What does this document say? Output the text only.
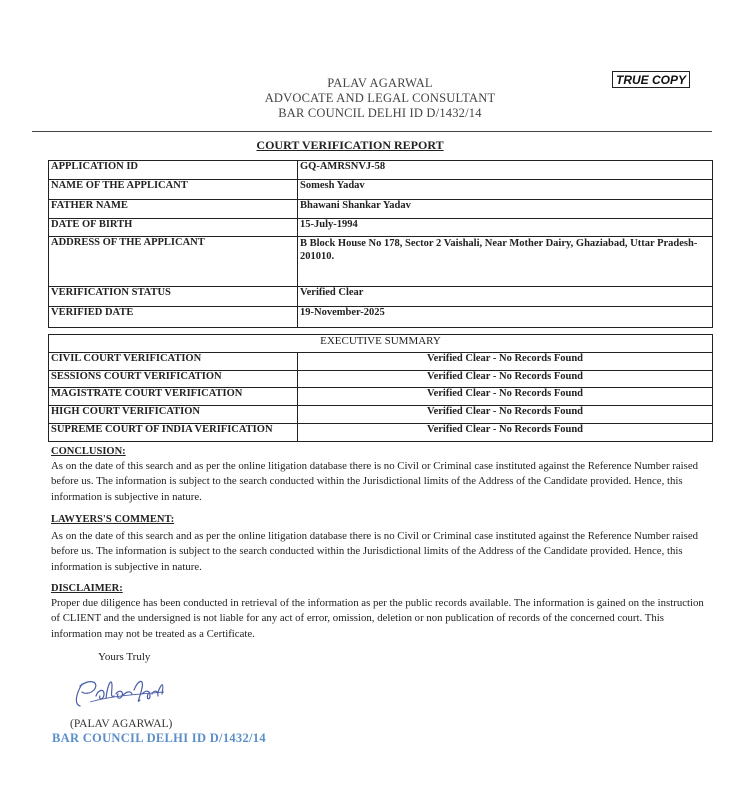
PALAV AGARWAL
ADVOCATE AND LEGAL CONSULTANT
BAR COUNCIL DELHI ID D/1432/14
TRUE COPY
COURT VERIFICATION REPORT
APPLICATION ID	GQ-AMRSNVJ-58
NAME OF THE APPLICANT	Somesh Yadav
FATHER NAME	Bhawani Shankar Yadav
DATE OF BIRTH	15-July-1994
ADDRESS OF THE APPLICANT	B Block House No 178, Sector 2 Vaishali, Near Mother Dairy, Ghaziabad, Uttar Pradesh-201010.
VERIFICATION STATUS	Verified Clear
VERIFIED DATE	19-November-2025
EXECUTIVE SUMMARY	
CIVIL COURT VERIFICATION	Verified Clear - No Records Found
SESSIONS COURT VERIFICATION	Verified Clear - No Records Found
MAGISTRATE COURT VERIFICATION	Verified Clear - No Records Found
HIGH COURT VERIFICATION	Verified Clear - No Records Found
SUPREME COURT OF INDIA VERIFICATION	Verified Clear - No Records Found
CONCLUSION:
As on the date of this search and as per the online litigation database there is no Civil or Criminal case instituted against the Reference Number raised before us. The information is subject to the search conducted within the Jurisdictional limits of the Address of the Candidate provided. Hence, this information is subjective in nature.
LAWYERS'S COMMENT:
As on the date of this search and as per the online litigation database there is no Civil or Criminal case instituted against the Reference Number raised before us. The information is subject to the search conducted within the Jurisdictional limits of the Address of the Candidate provided. Hence, this information is subjective in nature.
DISCLAIMER:
Proper due diligence has been conducted in retrieval of the information as per the public records available. The information is gained on the instruction of CLIENT and the undersigned is not liable for any act of error, omission, deletion or non publication of records of the concerned court. This information may not be treated as a Certificate.
Yours Truly
(PALAV AGARWAL)
BAR COUNCIL DELHI ID D/1432/14
